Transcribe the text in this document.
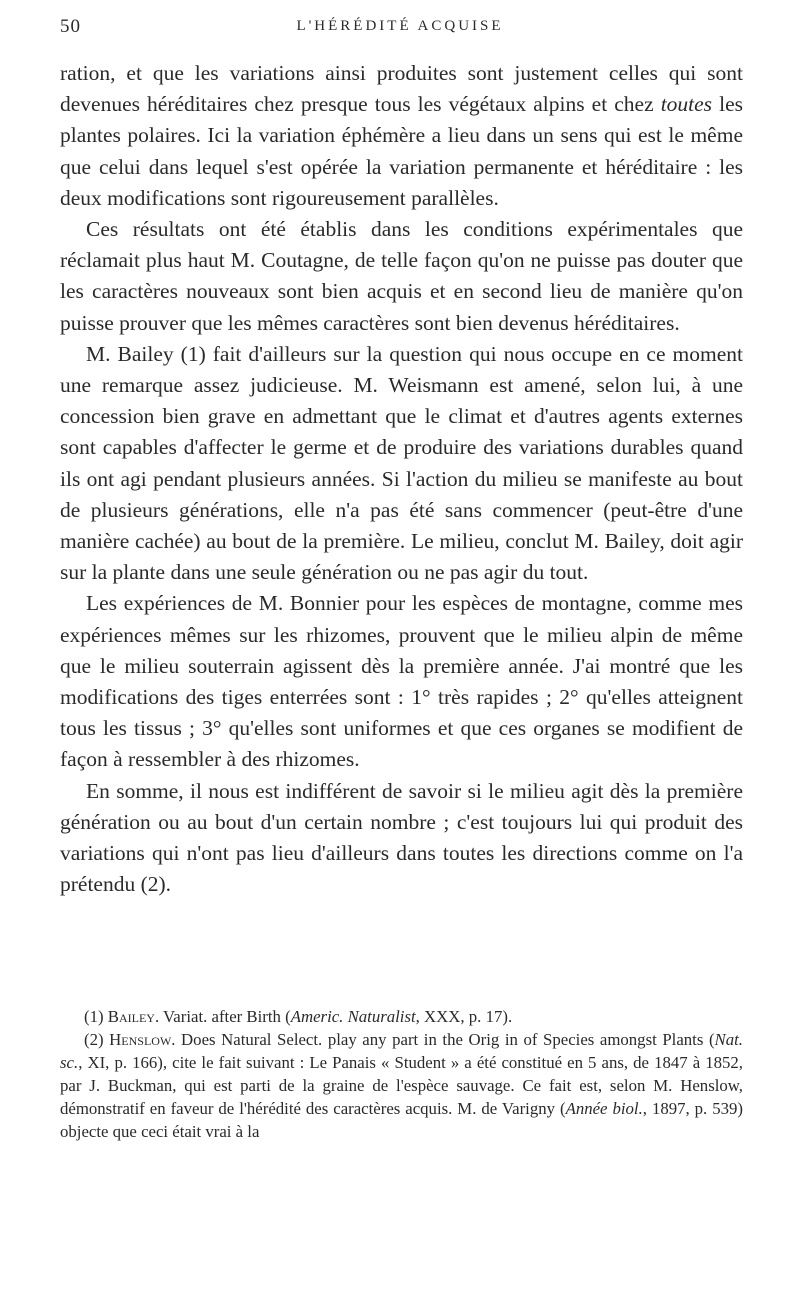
50	L'HÉRÉDITÉ ACQUISE

ration, et que les variations ainsi produites sont justement celles qui sont devenues héréditaires chez presque tous les végétaux alpins et chez toutes les plantes polaires. Ici la variation éphémère a lieu dans un sens qui est le même que celui dans lequel s'est opérée la variation permanente et héréditaire : les deux modifications sont rigoureusement parallèles.

Ces résultats ont été établis dans les conditions expérimentales que réclamait plus haut M. Coutagne, de telle façon qu'on ne puisse pas douter que les caractères nouveaux sont bien acquis et en second lieu de manière qu'on puisse prouver que les mêmes caractères sont bien devenus héréditaires.

M. Bailey (1) fait d'ailleurs sur la question qui nous occupe en ce moment une remarque assez judicieuse. M. Weismann est amené, selon lui, à une concession bien grave en admettant que le climat et d'autres agents externes sont capables d'affecter le germe et de produire des variations durables quand ils ont agi pendant plusieurs années. Si l'action du milieu se manifeste au bout de plusieurs générations, elle n'a pas été sans commencer (peut-être d'une manière cachée) au bout de la première. Le milieu, conclut M. Bailey, doit agir sur la plante dans une seule génération ou ne pas agir du tout.

Les expériences de M. Bonnier pour les espèces de montagne, comme mes expériences mêmes sur les rhizomes, prouvent que le milieu alpin de même que le milieu souterrain agissent dès la première année. J'ai montré que les modifications des tiges enterrées sont : 1° très rapides ; 2° qu'elles atteignent tous les tissus ; 3° qu'elles sont uniformes et que ces organes se modifient de façon à ressembler à des rhizomes.

En somme, il nous est indifférent de savoir si le milieu agit dès la première génération ou au bout d'un certain nombre ; c'est toujours lui qui produit des variations qui n'ont pas lieu d'ailleurs dans toutes les directions comme on l'a prétendu (2).

(1) Bailey. Variat. after Birth (Americ. Naturalist, XXX, p. 17).

(2) Henslow. Does Natural Select. play any part in the Orig in of Species amongst Plants (Nat. sc., XI, p. 166), cite le fait suivant : Le Panais « Student » a été constitué en 5 ans, de 1847 à 1852, par J. Buckman, qui est parti de la graine de l'espèce sauvage. Ce fait est, selon M. Henslow, démonstratif en faveur de l'hérédité des caractères acquis. M. de Varigny (Année biol., 1897, p. 539) objecte que ceci était vrai à la
